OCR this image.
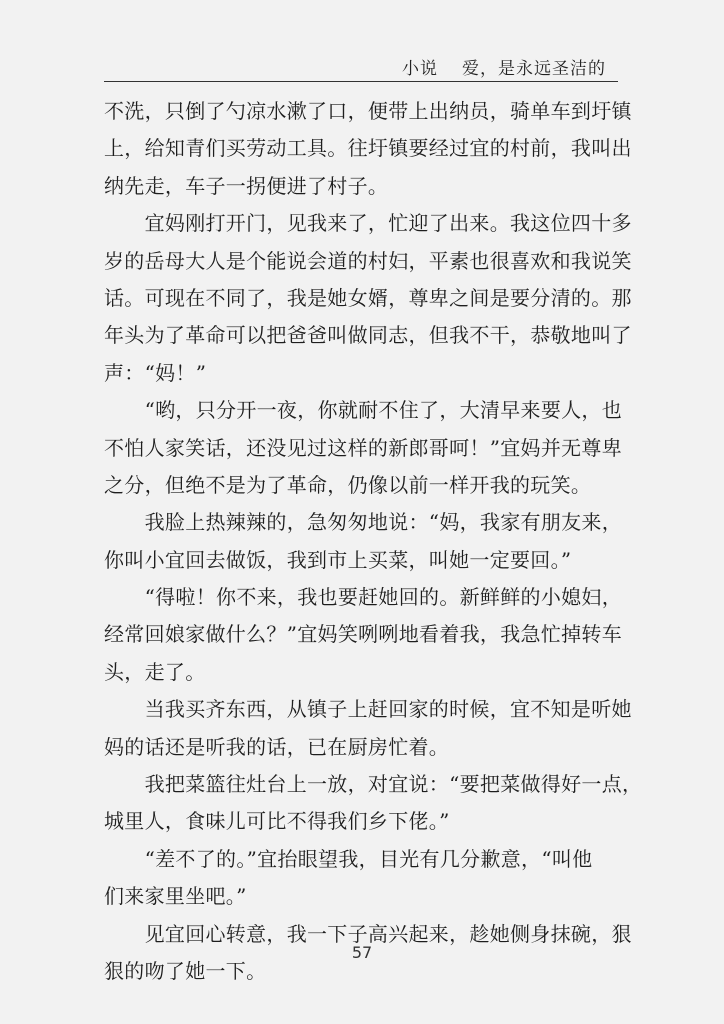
小说 爱，是永远圣洁的
不洗，只倒了勺凉水漱了口，便带上出纳员，骑单车到圩镇
上，给知青们买劳动工具。往圩镇要经过宜的村前，我叫出
纳先走，车子一拐便进了村子。
　　宜妈刚打开门，见我来了，忙迎了出来。我这位四十多
岁的岳母大人是个能说会道的村妇，平素也很喜欢和我说笑
话。可现在不同了，我是她女婿，尊卑之间是要分清的。那
年头为了革命可以把爸爸叫做同志，但我不干，恭敬地叫了
声：“妈！”
　　“哟，只分开一夜，你就耐不住了，大清早来要人，也
不怕人家笑话，还没见过这样的新郎哥呵！”宜妈并无尊卑
之分，但绝不是为了革命，仍像以前一样开我的玩笑。
　　我脸上热辣辣的，急匆匆地说：“妈，我家有朋友来，
你叫小宜回去做饭，我到市上买菜，叫她一定要回。”
　　“得啦！你不来，我也要赶她回的。新鲜鲜的小媳妇，
经常回娘家做什么？”宜妈笑咧咧地看着我，我急忙掉转车
头，走了。
　　当我买齐东西，从镇子上赶回家的时候，宜不知是听她
妈的话还是听我的话，已在厨房忙着。
　　我把菜篮往灶台上一放，对宜说：“要把菜做得好一点，
城里人，食味儿可比不得我们乡下佬。”
　　“差不了的。”宜抬眼望我，目光有几分歉意，“叫他
们来家里坐吧。”
　　见宜回心转意，我一下子高兴起来，趁她侧身抹碗，狠
狠的吻了她一下。
57
